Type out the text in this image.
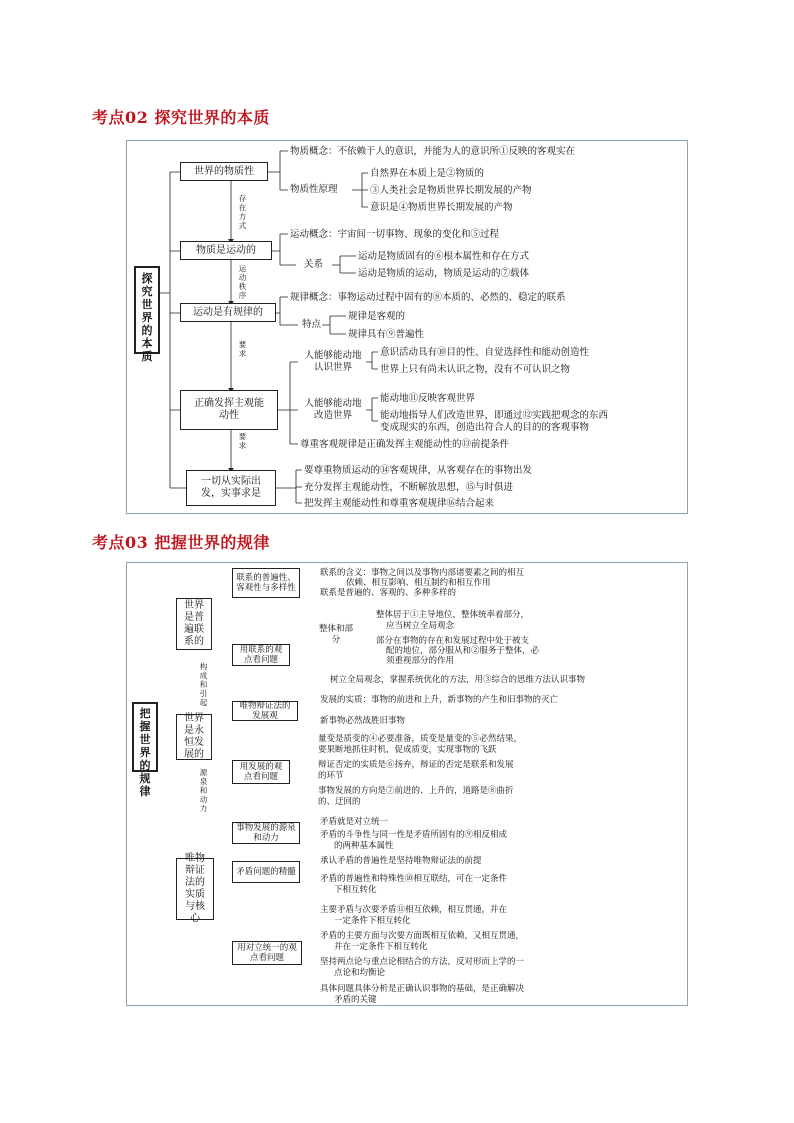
考点02 探究世界的本质
考点03 把握世界的规律
探究世界的本质
世界的物质性
物质是运动的
运动是有规律的
正确发挥主观能动性
一切从实际出发，实事求是
存在方式
运动秩序
要求
要求
物质性原理
关系
特点
人能够能动地认识世界
人能够能动地改造世界
物质概念：不依赖于人的意识，并能为人的意识所①反映的客观实在
自然界在本质上是②物质的
③人类社会是物质世界长期发展的产物
意识是④物质世界长期发展的产物
运动概念：宇宙间一切事物、现象的变化和⑤过程
运动是物质固有的⑥根本属性和存在方式
运动是物质的运动，物质是运动的⑦载体
规律概念：事物运动过程中固有的⑧本质的、必然的、稳定的联系
规律是客观的
规律具有⑨普遍性
意识活动具有⑩目的性、自觉选择性和能动创造性
世界上只有尚未认识之物，没有不可认识之物
能动地⑪反映客观世界
能动地指导人们改造世界，即通过⑫实践把观念的东西
变成现实的东西，创造出符合人的目的的客观事物
尊重客观规律是正确发挥主观能动性的⑬前提条件
要尊重物质运动的⑭客观规律，从客观存在的事物出发
充分发挥主观能动性，不断解放思想，⑮与时俱进
把发挥主观能动性和尊重客观规律⑯结合起来
把握世界的规律
世界是普遍联系的
世界是永恒发展的
唯物辩证法的实质与核心
构成和引起
源泉和动力
联系的普遍性、客观性与多样性
用联系的观点看问题
唯物辩证法的发展观
用发展的观点看问题
事物发展的源泉和动力
矛盾问题的精髓
用对立统一的观点看问题
整体和部分
联系的含义：事物之间以及事物内部诸要素之间的相互
依赖、相互影响、相互制约和相互作用
联系是普遍的、客观的、多种多样的
整体居于①主导地位，整体统率着部分，
应当树立全局观念
部分在事物的存在和发展过程中处于被支
配的地位，部分服从和②服务于整体，必
须重视部分的作用
树立全局观念，掌握系统优化的方法，用③综合的思维方法认识事物
发展的实质：事物的前进和上升，新事物的产生和旧事物的灭亡
新事物必然战胜旧事物
量变是质变的④必要准备，质变是量变的⑤必然结果，
要果断地抓住时机，促成质变，实现事物的飞跃
辩证否定的实质是⑥扬弃，辩证的否定是联系和发展
的环节
事物发展的方向是⑦前进的、上升的，道路是⑧曲折
的、迂回的
矛盾就是对立统一
矛盾的斗争性与同一性是矛盾所固有的⑨相反相成
的两种基本属性
承认矛盾的普遍性是坚持唯物辩证法的前提
矛盾的普遍性和特殊性⑩相互联结，可在一定条件
下相互转化
主要矛盾与次要矛盾⑪相互依赖，相互贯通，并在
一定条件下相互转化
矛盾的主要方面与次要方面既相互依赖，又相互贯通，
并在一定条件下相互转化
坚持两点论与重点论相结合的方法，反对形而上学的一
点论和均衡论
具体问题具体分析是正确认识事物的基础，是正确解决
矛盾的关键
